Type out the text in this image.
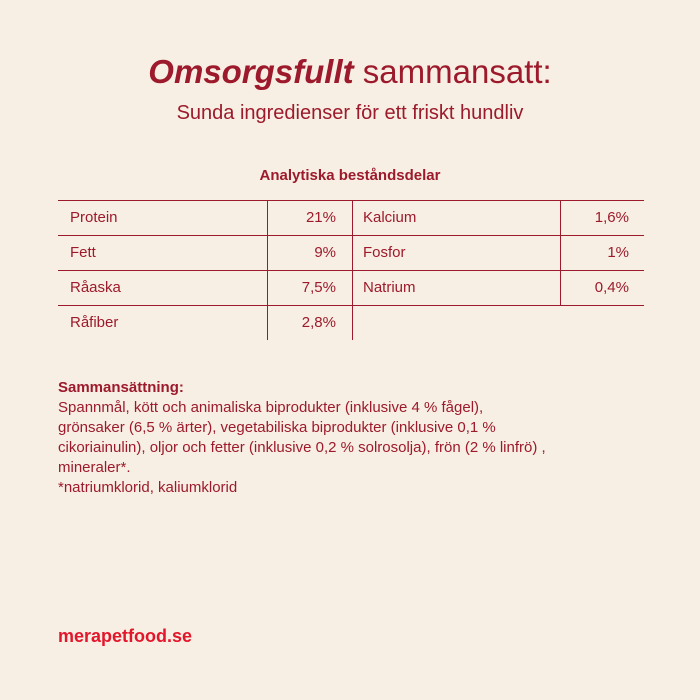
Omsorgsfullt sammansatt:
Sunda ingredienser för ett friskt hundliv
Analytiska beståndsdelar
Protein	21% Kalcium	1,6%
Fett	9% Fosfor	1%
Råaska	7,5% Natrium	0,4%
Råfiber	2,8%
Sammansättning:
Spannmål, kött och animaliska biprodukter (inklusive 4 % fågel),
grönsaker (6,5 % ärter), vegetabiliska biprodukter (inklusive 0,1 %
cikoriainulin), oljor och fetter (inklusive 0,2 % solrosolja), frön (2 % linfrö) ,
mineraler*.
*natriumklorid, kaliumklorid
merapetfood.se
